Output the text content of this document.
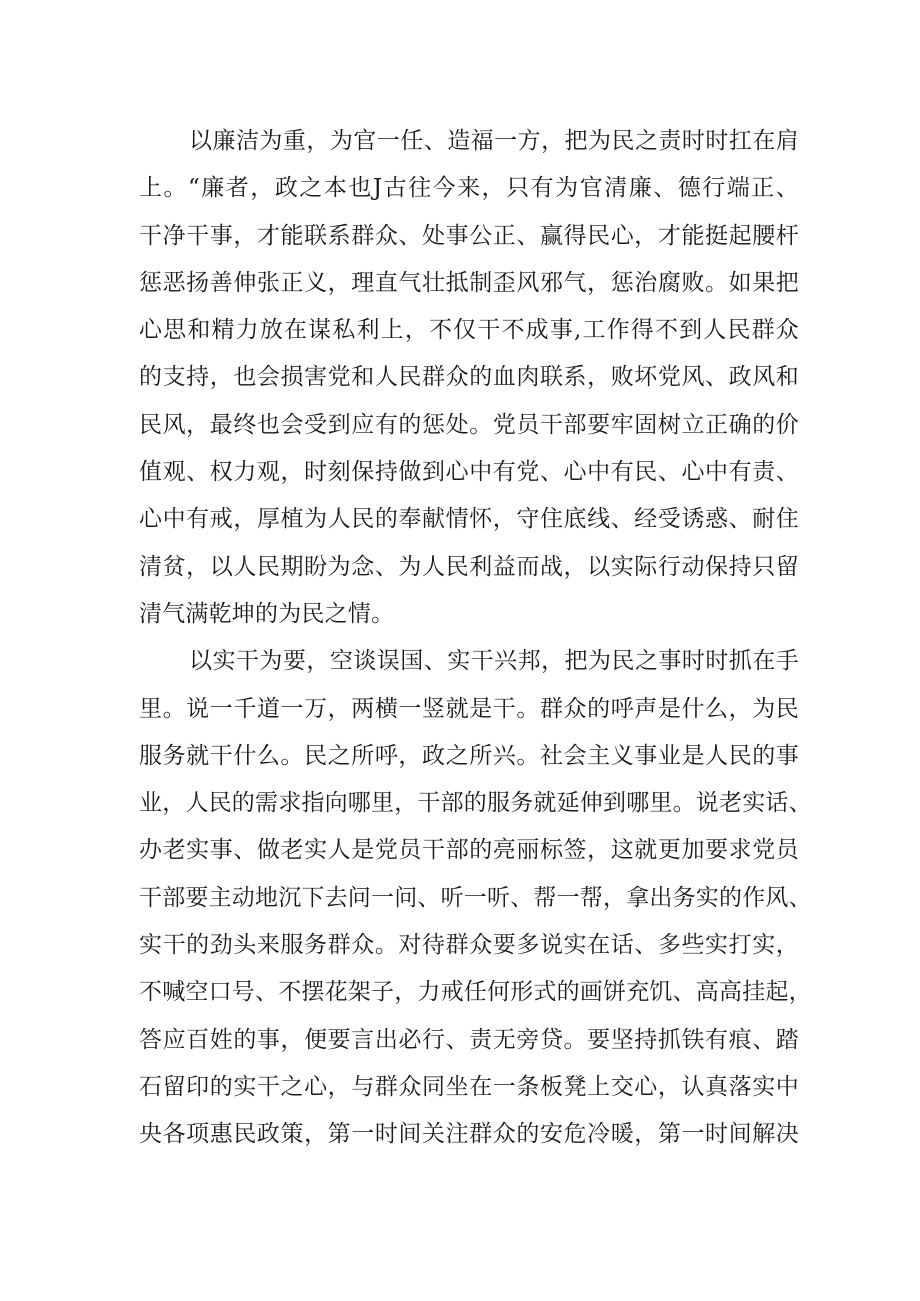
以廉洁为重，为官一任、造福一方，把为民之责时时扛在肩
上。“廉者，政之本也J古往今来，只有为官清廉、德行端正、
干净干事，才能联系群众、处事公正、赢得民心，才能挺起腰杆
惩恶扬善伸张正义，理直气壮抵制歪风邪气，惩治腐败。如果把
心思和精力放在谋私利上，不仅干不成事,工作得不到人民群众
的支持，也会损害党和人民群众的血肉联系，败坏党风、政风和
民风，最终也会受到应有的惩处。党员干部要牢固树立正确的价
值观、权力观，时刻保持做到心中有党、心中有民、心中有责、
心中有戒，厚植为人民的奉献情怀，守住底线、经受诱惑、耐住
清贫，以人民期盼为念、为人民利益而战，以实际行动保持只留
清气满乾坤的为民之情。
以实干为要，空谈误国、实干兴邦，把为民之事时时抓在手
里。说一千道一万，两横一竖就是干。群众的呼声是什么，为民
服务就干什么。民之所呼，政之所兴。社会主义事业是人民的事
业，人民的需求指向哪里，干部的服务就延伸到哪里。说老实话、
办老实事、做老实人是党员干部的亮丽标签，这就更加要求党员
干部要主动地沉下去问一问、听一听、帮一帮，拿出务实的作风、
实干的劲头来服务群众。对待群众要多说实在话、多些实打实，
不喊空口号、不摆花架子，力戒任何形式的画饼充饥、高高挂起，
答应百姓的事，便要言出必行、责无旁贷。要坚持抓铁有痕、踏
石留印的实干之心，与群众同坐在一条板凳上交心，认真落实中
央各项惠民政策，第一时间关注群众的安危冷暖，第一时间解决
